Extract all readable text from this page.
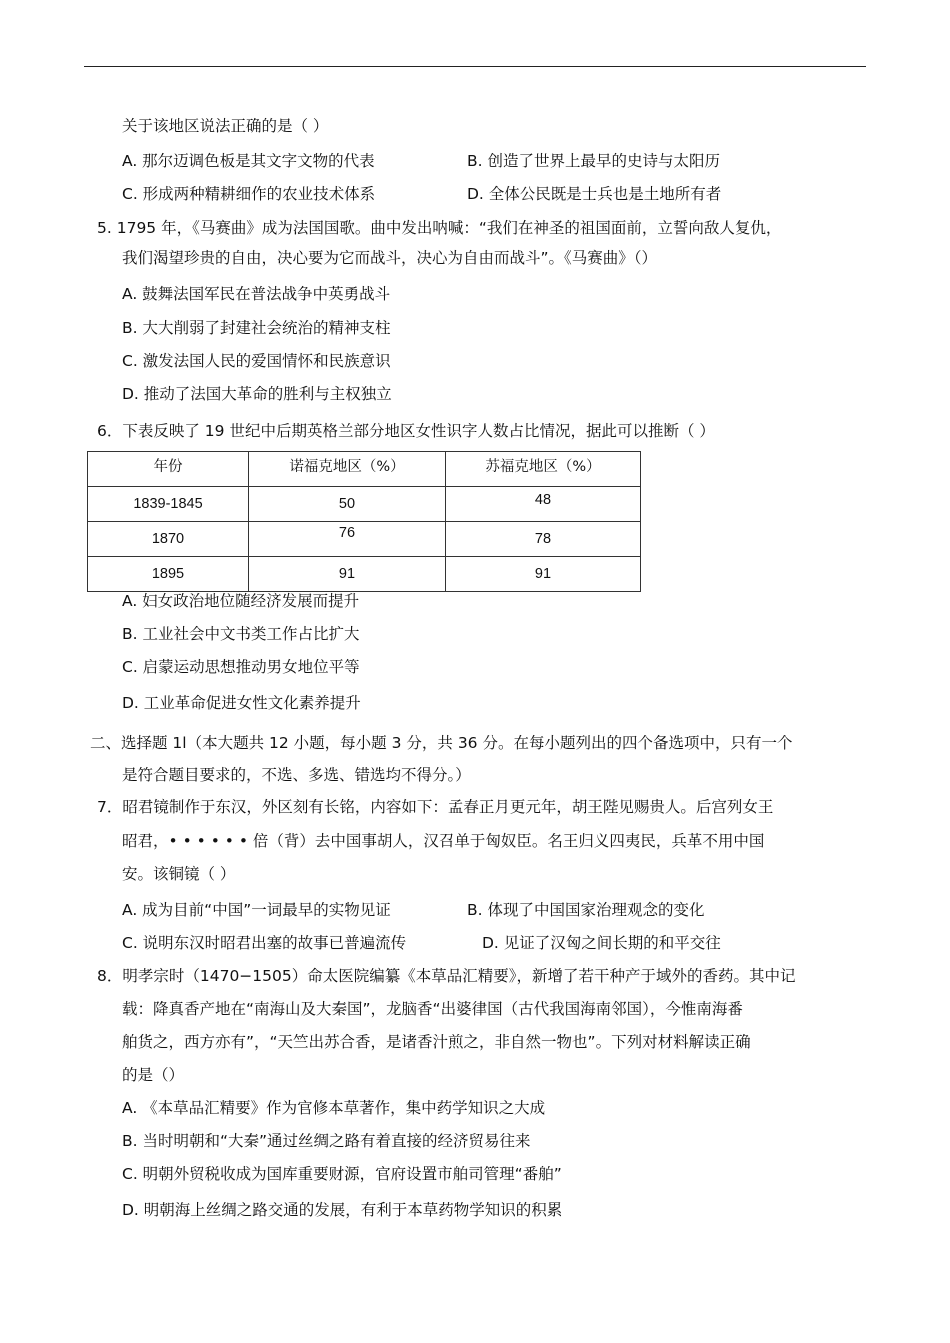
关于该地区说法正确的是（ ）
A. 那尔迈调色板是其文字文物的代表	B. 创造了世界上最早的史诗与太阳历
C. 形成两种精耕细作的农业技术体系	D. 全体公民既是士兵也是土地所有者
5. 1795 年，《马赛曲》成为法国国歌。曲中发出呐喊：“我们在神圣的祖国面前，立誓向敌人复仇，
我们渴望珍贵的自由，决心要为它而战斗，决心为自由而战斗”。《马赛曲》（）
A. 鼓舞法国军民在普法战争中英勇战斗
B. 大大削弱了封建社会统治的精神支柱
C. 激发法国人民的爱国情怀和民族意识
D. 推动了法国大革命的胜利与主权独立
6．下表反映了 19 世纪中后期英格兰部分地区女性识字人数占比情况，据此可以推断（ ）
年份	诺福克地区（%）	苏福克地区（%）
1839-1845	50	48
1870	76	78
1895	91	91
A. 妇女政治地位随经济发展而提升
B. 工业社会中文书类工作占比扩大
C. 启蒙运动思想推动男女地位平等
D. 工业革命促进女性文化素养提升
二、选择题 1l（本大题共 12 小题，每小题 3 分，共 36 分。在每小题列出的四个备选项中，只有一个
是符合题目要求的，不选、多选、错选均不得分。）
7．昭君镜制作于东汉，外区刻有长铭，内容如下：孟春正月更元年，胡王陛见赐贵人。后宫列女王
昭君，• • • • • • 倍（背）去中国事胡人，汉召单于匈奴臣。名王归义四夷民，兵革不用中国
安。该铜镜（ ）
A. 成为目前“中国”一词最早的实物见证	B. 体现了中国国家治理观念的变化
C. 说明东汉时昭君出塞的故事已普遍流传	D. 见证了汉匈之间长期的和平交往
8．明孝宗时（1470−1505）命太医院编纂《本草品汇精要》，新增了若干种产于域外的香药。其中记
载：降真香产地在“南海山及大秦国”，龙脑香“出婆律国（古代我国海南邻国），今惟南海番
舶货之，西方亦有”，“天竺出苏合香，是诸香汁煎之，非自然一物也”。下列对材料解读正确
的是（）
A. 《本草品汇精要》作为官修本草著作，集中药学知识之大成
B. 当时明朝和“大秦”通过丝绸之路有着直接的经济贸易往来
C. 明朝外贸税收成为国库重要财源，官府设置市舶司管理“番舶”
D. 明朝海上丝绸之路交通的发展，有利于本草药物学知识的积累
